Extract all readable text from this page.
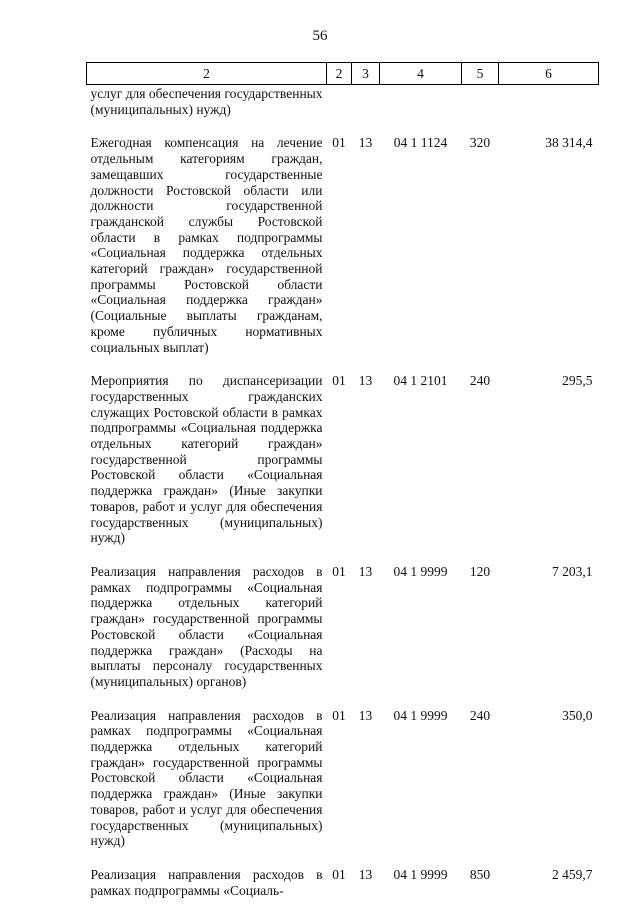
56
2	2	3	4	5	6
услуг для обеспечения государственных (муниципальных) нужд)					
Ежегодная компенсация на лечение отдельным категориям граждан, замещавших государственные должности Ростовской области или должности государственной гражданской службы Ростовской области в рамках подпрограммы «Социальная поддержка отдельных категорий граждан» государственной программы Ростовской области «Социальная поддержка граждан» (Социальные выплаты гражданам, кроме публичных нормативных социальных выплат)	01	13	04 1 1124	320	38 314,4
Мероприятия по диспансеризации государственных гражданских служащих Ростовской области в рамках подпрограммы «Социальная поддержка отдельных категорий граждан» государственной программы Ростовской области «Социальная поддержка граждан» (Иные закупки товаров, работ и услуг для обеспечения государственных (муниципальных) нужд)	01	13	04 1 2101	240	295,5
Реализация направления расходов в рамках подпрограммы «Социальная поддержка отдельных категорий граждан» государственной программы Ростовской области «Социальная поддержка граждан» (Расходы на выплаты персоналу государственных (муниципальных) органов)	01	13	04 1 9999	120	7 203,1
Реализация направления расходов в рамках подпрограммы «Социальная поддержка отдельных категорий граждан» государственной программы Ростовской области «Социальная поддержка граждан» (Иные закупки товаров, работ и услуг для обеспечения государственных (муниципальных) нужд)	01	13	04 1 9999	240	350,0
Реализация направления расходов в рамках подпрограммы «Социаль-	01	13	04 1 9999	850	2 459,7
